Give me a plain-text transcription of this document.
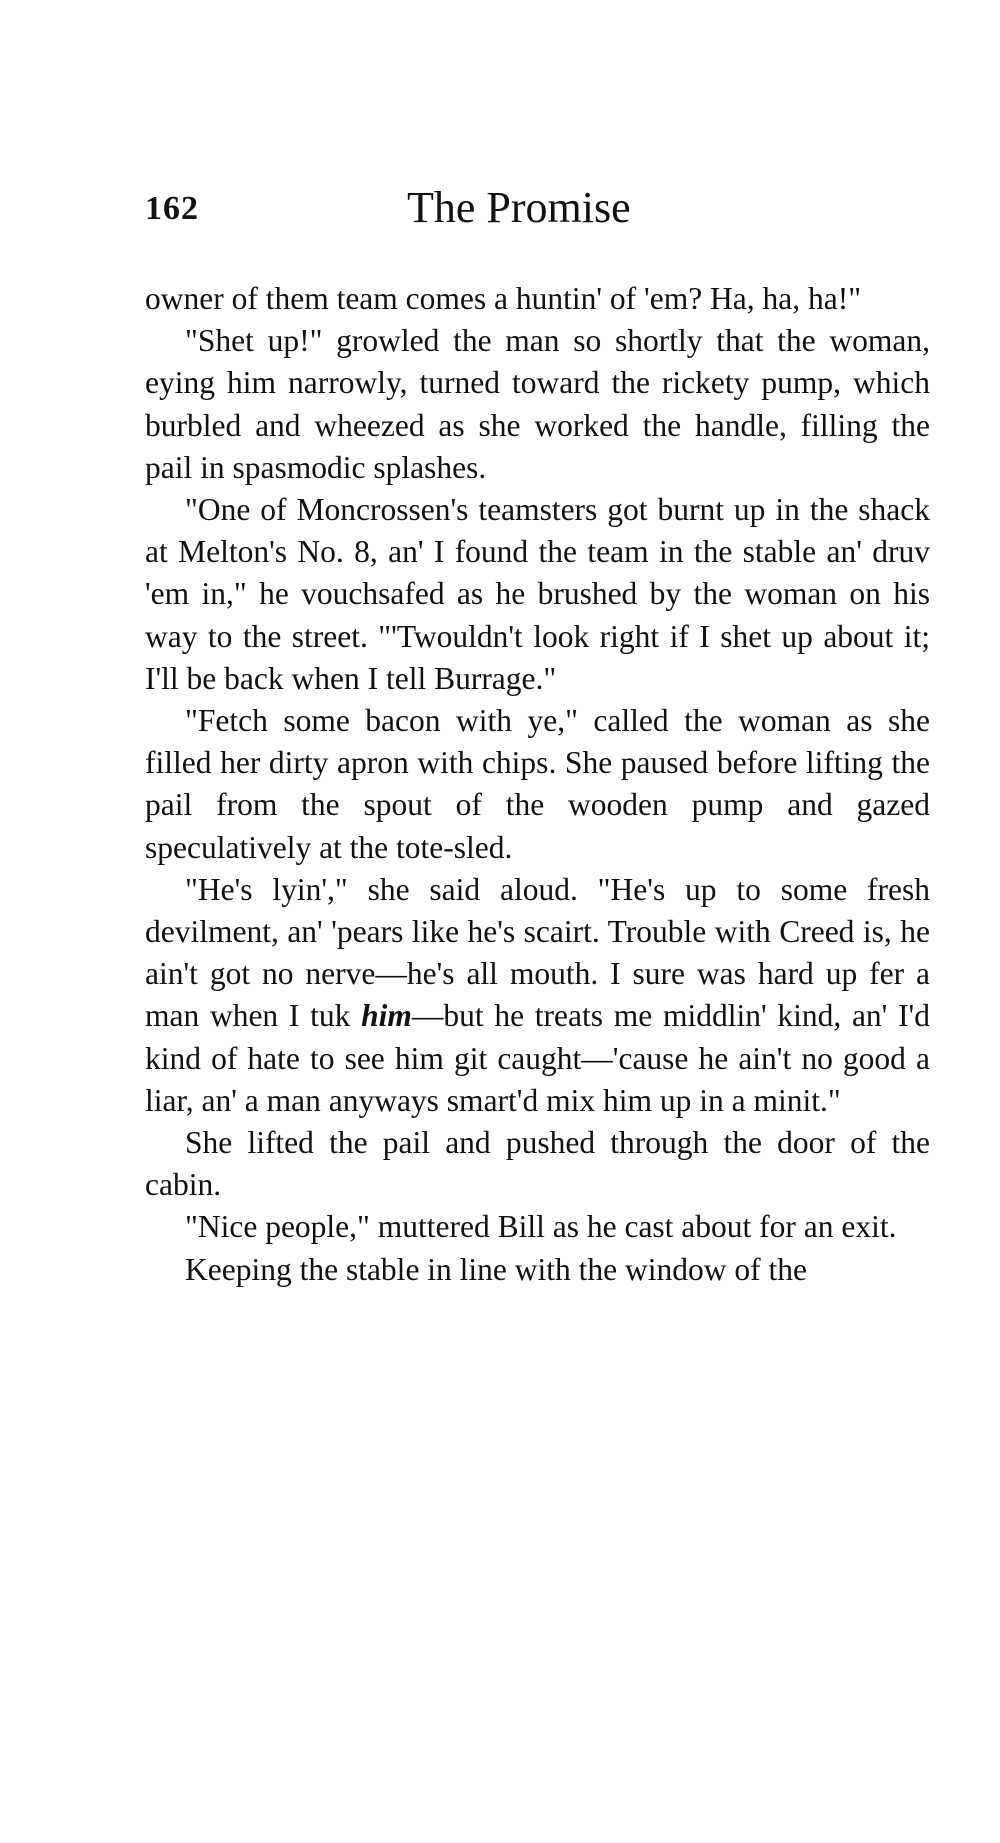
162	The Promise

owner of them team comes a huntin' of 'em? Ha, ha, ha!"

"Shet up!" growled the man so shortly that the woman, eying him narrowly, turned toward the rickety pump, which burbled and wheezed as she worked the handle, filling the pail in spasmodic splashes.

"One of Moncrossen's teamsters got burnt up in the shack at Melton's No. 8, an' I found the team in the stable an' druv 'em in," he vouchsafed as he brushed by the woman on his way to the street. "'Twouldn't look right if I shet up about it; I'll be back when I tell Burrage."

"Fetch some bacon with ye," called the woman as she filled her dirty apron with chips. She paused before lifting the pail from the spout of the wooden pump and gazed speculatively at the tote-sled.

"He's lyin'," she said aloud. "He's up to some fresh devilment, an' 'pears like he's scairt. Trouble with Creed is, he ain't got no nerve—he's all mouth. I sure was hard up fer a man when I tuk him—but he treats me middlin' kind, an' I'd kind of hate to see him git caught—'cause he ain't no good a liar, an' a man anyways smart'd mix him up in a minit."

She lifted the pail and pushed through the door of the cabin.

"Nice people," muttered Bill as he cast about for an exit.

Keeping the stable in line with the window of the
